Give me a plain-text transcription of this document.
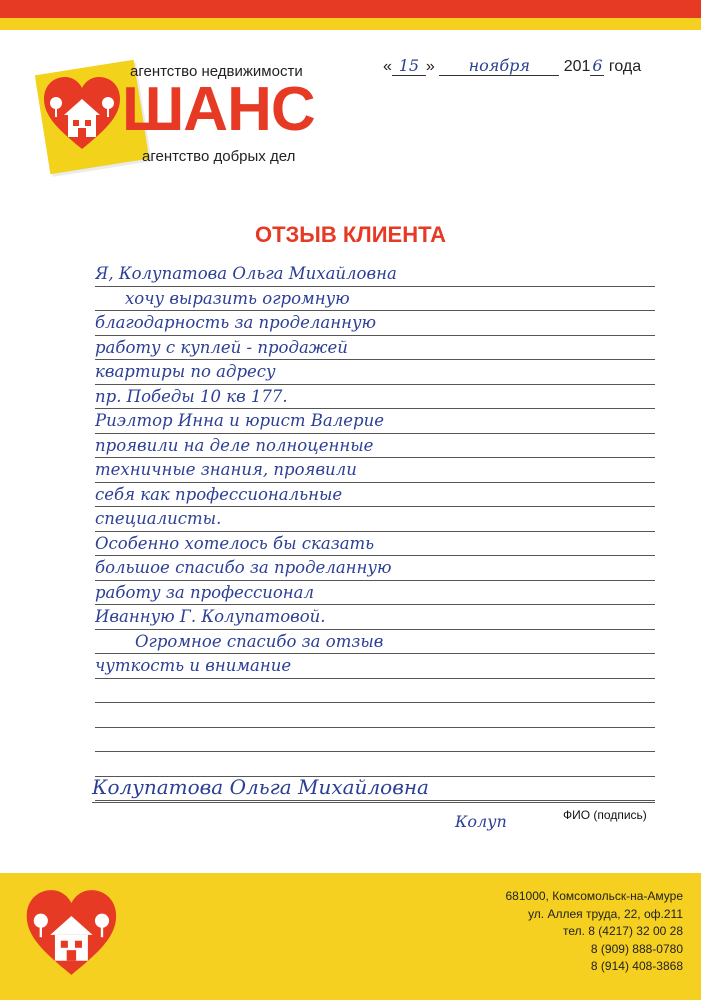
агентство недвижимости
ШАНС
агентство добрых дел
« 15 » ноября 201 6 года
ОТЗЫВ КЛИЕНТА
Я, Колупатова Ольга Михайловна
хочу выразить огромную
благодарность за проделанную
работу с куплей - продажей
квартиры по адресу
пр. Победы 10 кв 177.
Риэлтор Инна и юрист Валерие
проявили на деле полноценные
техничные знания, проявили
себя как профессиональные
специалисты.
Особенно хотелось бы сказать
большое спасибо за проделанную
работу за профессионал
Иванную Г. Колупатовой.
Огромное спасибо за отзыв
чуткость и внимание
Колупатова Ольга Михайловна
Колуп	ФИО (подпись)
681000, Комсомольск-на-Амуре
ул. Аллея труда, 22, оф.211
тел. 8 (4217) 32 00 28
8 (909) 888-0780
8 (914) 408-3868
